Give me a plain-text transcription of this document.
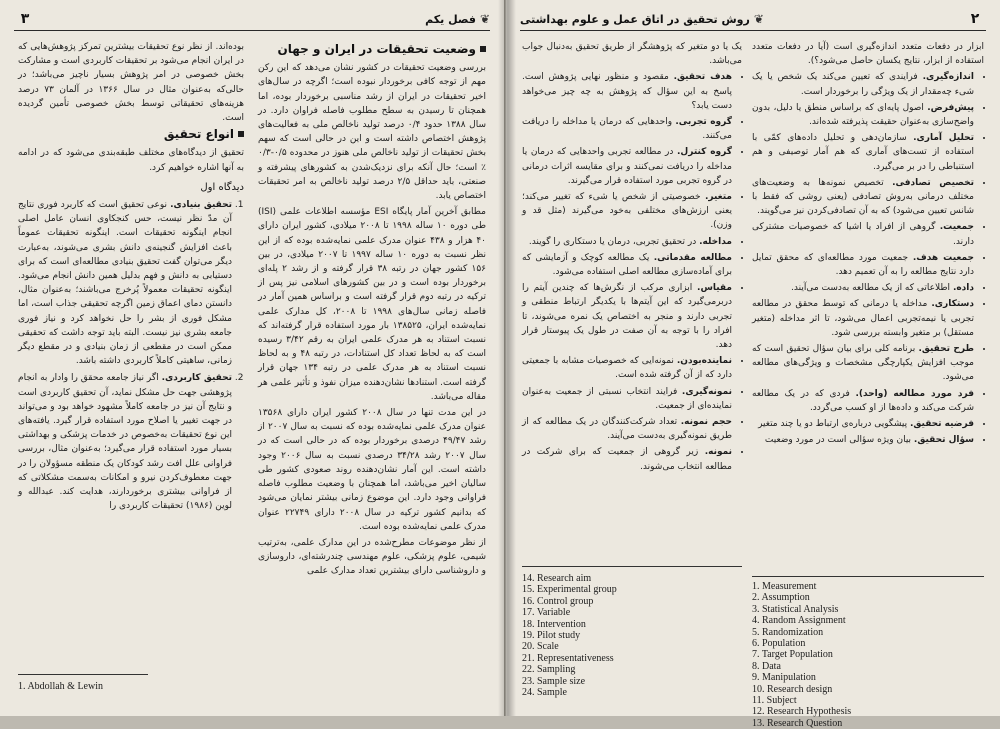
❦
فصل یکم
۳
وضعیت تحقیقات در ایران و جهان

بررسی وضعیت تحقیقات در کشور نشان می‌دهد که این رکن مهم از توجه کافی برخوردار نبوده است؛ اگرچه در سال‌های اخیر تحقیقات در ایران از رشد مناسبی برخوردار بوده، اما همچنان تا رسیدن به سطح مطلوب فاصله فراوان دارد. در سال ۱۳۸۸ حدود ۰/۴ درصد تولید ناخالص ملی به فعالیت‌های پژوهش اختصاص داشته است و این در حالی است که سهم بخش تحقیقات از تولید ناخالص ملی هنوز در محدوده ۰/۵-۰/۳ ٪ است؛ حال آنکه برای نزدیک‌شدن به کشورهای پیشرفته و صنعتی، باید حداقل ۲/۵ درصد تولید ناخالص به امر تحقیقات اختصاص یابد.

مطابق آخرین آمار پایگاه ESI مؤسسه اطلاعات علمی (ISI) طی دوره ۱۰ ساله ۱۹۹۸ تا ۲۰۰۸ میلادی، کشور ایران دارای ۴۰ هزار و ۴۳۸ عنوان مدرک علمی نمایه‌شده بوده که از این نظر نسبت به دوره ۱۰ ساله ۱۹۹۷ تا ۲۰۰۷ میلادی، در بین ۱۵۶ کشور جهان در رتبه ۳۸ قرار گرفته و از رشد ۲ پله‌ای برخوردار بوده است و در بین کشورهای اسلامی نیز پس از ترکیه در رتبه دوم قرار گرفته است و براساس همین آمار در فاصله زمانی سال‌های ۱۹۹۸ تا ۲۰۰۸، کل مدارک علمی نمایه‌شده ایران، ۱۳۸۵۲۵ بار مورد استفاده قرار گرفته‌اند که نسبت استناد به هر مدرک علمی ایران به رقم ۳/۴۲ رسیده است که به لحاظ تعداد کل استنادات، در رتبه ۴۸ و به لحاظ نسبت استناد به هر مدرک علمی در رتبه ۱۳۴ جهان قرار گرفته است. استنادها نشان‌دهنده میزان نفوذ و تأثیر علمی هر مقاله می‌باشد.

در این مدت تنها در سال ۲۰۰۸ کشور ایران دارای ۱۳۵۶۸ عنوان مدرک علمی نمایه‌شده بوده که نسبت به سال ۲۰۰۷ از رشد ۴۹/۴۷ درصدی برخوردار بوده که در حالی است که در سال ۲۰۰۷ رشد ۳۴/۲۸ درصدی نسبت به سال ۲۰۰۶ وجود داشته است. این آمار نشان‌دهنده روند صعودی کشور طی سالیان اخیر می‌باشد، اما همچنان با وضعیت مطلوب فاصله فراوانی وجود دارد. این موضوع زمانی بیشتر نمایان می‌شود که بدانیم کشور ترکیه در سال ۲۰۰۸ دارای ۲۲۷۴۹ عنوان مدرک علمی نمایه‌شده بوده است.

از نظر موضوعات مطرح‌شده در این مدارک علمی، به‌ترتیب شیمی، علوم پزشکی، علوم مهندسی چندرشته‌ای، داروسازی و داروشناسی دارای بیشترین تعداد مدارک علمی

بوده‌اند. از نظر نوع تحقیقات بیشترین تمرکز پژوهش‌هایی که در ایران انجام می‌شود بر تحقیقات کاربردی است و مشارکت بخش خصوصی در امر پژوهش بسیار ناچیز می‌باشد؛ در حالی‌که به‌عنوان مثال در سال ۱۳۶۶ در آلمان ۷۳ درصد هزینه‌های تحقیقاتی توسط بخش خصوصی تأمین گردیده است.

انواع تحقیق

تحقیق از دیدگاه‌های مختلف طبقه‌بندی می‌شود که در ادامه به آنها اشاره خواهیم کرد.

دیدگاه اول
1. تحقیق بنیادی. نوعی تحقیق است که کاربرد فوری نتایج آن مدّ نظر نیست، حس کنجکاوی انسان عامل اصلی انجام اینگونه تحقیقات است. اینگونه تحقیقات عموماً باعث افزایش گنجینه‌ی دانش بشری می‌شوند، به‌عبارت دیگر می‌توان گفت تحقیق بنیادی مطالعه‌ای است که برای دستیابی به دانش و فهم بدلیل همین دانش انجام می‌شود. اینگونه تحقیقات معمولاً پُرخرج می‌باشند؛ به‌عنوان مثال، دانستن دمای اعماق زمین اگرچه تحقیقی جذاب است، اما مشکل فوری از بشر را حل نخواهد کرد و نیاز فوری جامعه بشری نیز نیست. البته باید توجه داشت که تحقیقی ممکن است در مقطعی از زمان بنیادی و در مقطع دیگر زمانی، ساهیتی کاملاً کاربردی داشته باشد.
2. تحقیق کاربردی. اگر نیاز جامعه محقق را وادار به انجام پژوهشی جهت حل مشکل نماید، آن تحقیق کاربردی است و نتایج آن نیز در جامعه کاملاً مشهود خواهد بود و می‌تواند در جهت تغییر یا اصلاح مورد استفاده قرار گیرد. یافته‌های این نوع تحقیقات به‌خصوص در خدمات پزشکی و بهداشتی بسیار مورد استفاده قرار می‌گیرد؛ به‌عنوان مثال، بررسی فراوانی علل افت رشد کودکان یک منطقه مسؤولان را در جهت معطوف‌کردن نیرو و امکانات به‌سمت مشکلاتی که از فراوانی بیشتری برخوردارند، هدایت کند. عبدالله و لوین (۱۹۸۶) تحقیقات کاربردی را
1. Abdollah & Lewin
۲
❦
روش تحقیق در اتاق عمل و علوم بهداشتی

ابزار در دفعات متعدد اندازه‌گیری است (آیا در دفعات متعدد استفاده از ابزار، نتایج یکسان حاصل می‌شود؟).

• اندازه‌گیری. فرایندی که تعیین می‌کند یک شخص یا یک شیء چه‌مقدار از یک ویژگی را برخوردار است.
• پیش‌فرض. اصول پایه‌ای که براساس منطق یا دلیل، بدون واضح‌سازی به‌عنوان حقیقت پذیرفته شده‌اند.
• تحلیل آماری. سازمان‌دهی و تحلیل داده‌های کمّی با استفاده از تست‌های آماری که هم آمار توصیفی و هم استنباطی را در بر می‌گیرد.
• تخصیص تصادفی. تخصیص نمونه‌ها به وضعیت‌های مختلف درمانی به‌روش تصادفی (یعنی روشی که فقط با شانس تعیین می‌شود) که به آن تصادفی‌کردن نیز می‌گویند.
• جمعیت. گروهی از افراد یا اشیا که خصوصیات مشترکی دارند.
• جمعیت هدف. جمعیت مورد مطالعه‌ای که محقق تمایل دارد نتایج مطالعه را به آن تعمیم دهد.
• داده. اطلاعاتی که از یک مطالعه به‌دست می‌آیند.
• دستکاری. مداخله یا درمانی که توسط محقق در مطالعه تجربی یا نیمه‌تجربی اعمال می‌شود، تا اثر مداخله (متغیر مستقل) بر متغیر وابسته بررسی شود.
• طرح تحقیق. برنامه کلی برای بیان سؤال تحقیق است که موجب افزایش یکپارچگی مشخصات و ویژگی‌های مطالعه می‌شود.
• فرد مورد مطالعه (واحد). فردی که در یک مطالعه شرکت می‌کند و داده‌ها از او کسب می‌گردد.
• فرضیه تحقیق. پیشگویی درباره‌ی ارتباط دو یا چند متغیر
• سؤال تحقیق. بیان ویژه سؤالی است در مورد وضعیت

یک یا دو متغیر که پژوهشگر از طریق تحقیق به‌دنبال جواب می‌باشد.

• هدف تحقیق. مقصود و منظور نهایی پژوهش است. پاسخ به این سؤال که پژوهش به چه چیز می‌خواهد دست یابد؟
• گروه تجربی. واحدهایی که درمان یا مداخله را دریافت می‌کنند.
• گروه کنترل. در مطالعه تجربی واحدهایی که درمان یا مداخله را دریافت نمی‌کنند و برای مقایسه اثرات درمانی در گروه تجربی مورد استفاده قرار می‌گیرند.
• متغیر. خصوصیتی از شخص یا شیء که تغییر می‌کند؛ یعنی ارزش‌های مختلفی به‌خود می‌گیرند (مثل قد و وزن).
• مداخله. در تحقیق تجربی، درمان یا دستکاری را گویند.
• مطالعه مقدماتی. یک مطالعه کوچک و آزمایشی که برای آماده‌سازی مطالعه اصلی استفاده می‌شود.
• مقیاس. ابزاری مرکب از نگرش‌ها که چندین آیتم را دربرمی‌گیرد که این آیتم‌ها با یکدیگر ارتباط منطقی و تجربی دارند و منجر به اختصاص یک نمره می‌شوند، تا افراد را با توجه به آن صفت در طول یک پیوستار قرار دهد.
• نماینده‌بودن. نمونه‌ایی که خصوصیات مشابه با جمعیتی دارد که از آن گرفته شده است.
• نمونه‌گیری. فرایند انتخاب نسبتی از جمعیت به‌عنوان نماینده‌ای از جمعیت.
• حجم نمونه. تعداد شرکت‌کنندگان در یک مطالعه که از طریق نمونه‌گیری به‌دست می‌آیند.
• نمونه. زیر گروهی از جمعیت که برای شرکت در مطالعه انتخاب می‌شوند.
14. Research aim
15. Experimental group
16. Control group
17. Variable
18. Intervention
19. Pilot study
20. Scale
21. Representativeness
22. Sampling
23. Sample size
24. Sample
1. Measurement
2. Assumption
3. Statistical Analysis
4. Random Assignment
5. Randomization
6. Population
7. Target Population
8. Data
9. Manipulation
10. Research design
11. Subject
12. Research Hypothesis
13. Research Question
